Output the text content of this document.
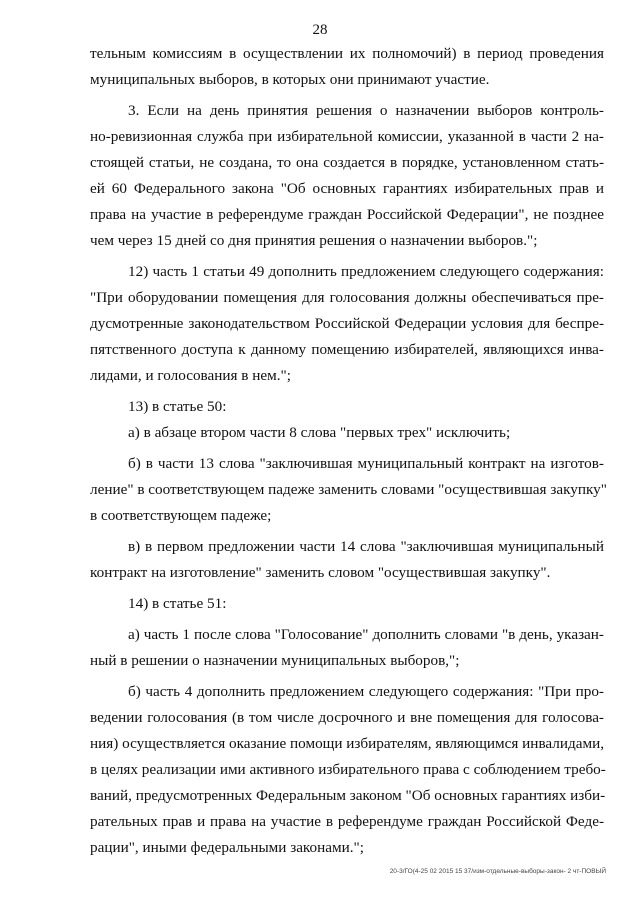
28
тельным комиссиям в осуществлении их полномочий) в период проведения
муниципальных выборов, в которых они принимают участие.
3. Если на день принятия решения о назначении выборов контроль-
но-ревизионная служба при избирательной комиссии, указанной в части 2 на-
стоящей статьи, не создана, то она создается в порядке, установленном стать-
ей 60 Федерального закона "Об основных гарантиях избирательных прав и
права на участие в референдуме граждан Российской Федерации", не позднее
чем через 15 дней со дня принятия решения о назначении выборов.";
12) часть 1 статьи 49 дополнить предложением следующего содержания:
"При оборудовании помещения для голосования должны обеспечиваться пре-
дусмотренные законодательством Российской Федерации условия для беспре-
пятственного доступа к данному помещению избирателей, являющихся инва-
лидами, и голосования в нем.";
13) в статье 50:
а) в абзаце втором части 8 слова "первых трех" исключить;
б) в части 13 слова "заключившая муниципальный контракт на изготов-
ление" в соответствующем падеже заменить словами "осуществившая закупку"
в соответствующем падеже;
в) в первом предложении части 14 слова "заключившая муниципальный
контракт на изготовление" заменить словом "осуществившая закупку".
14) в статье 51:
а) часть 1 после слова "Голосование" дополнить словами "в день, указан-
ный в решении о назначении муниципальных выборов,";
б) часть 4 дополнить предложением следующего содержания: "При про-
ведении голосования (в том числе досрочного и вне помещения для голосова-
ния) осуществляется оказание помощи избирателям, являющимся инвалидами,
в целях реализации ими активного избирательного права с соблюдением требо-
ваний, предусмотренных Федеральным законом "Об основных гарантиях изби-
рательных прав и права на участие в референдуме граждан Российской Феде-
рации", иными федеральными законами.";
20-3/ГО(4-25 02 2015 15 37/изм-отдельные-выборы-закон- 2 чт-ПОВЫЙ
